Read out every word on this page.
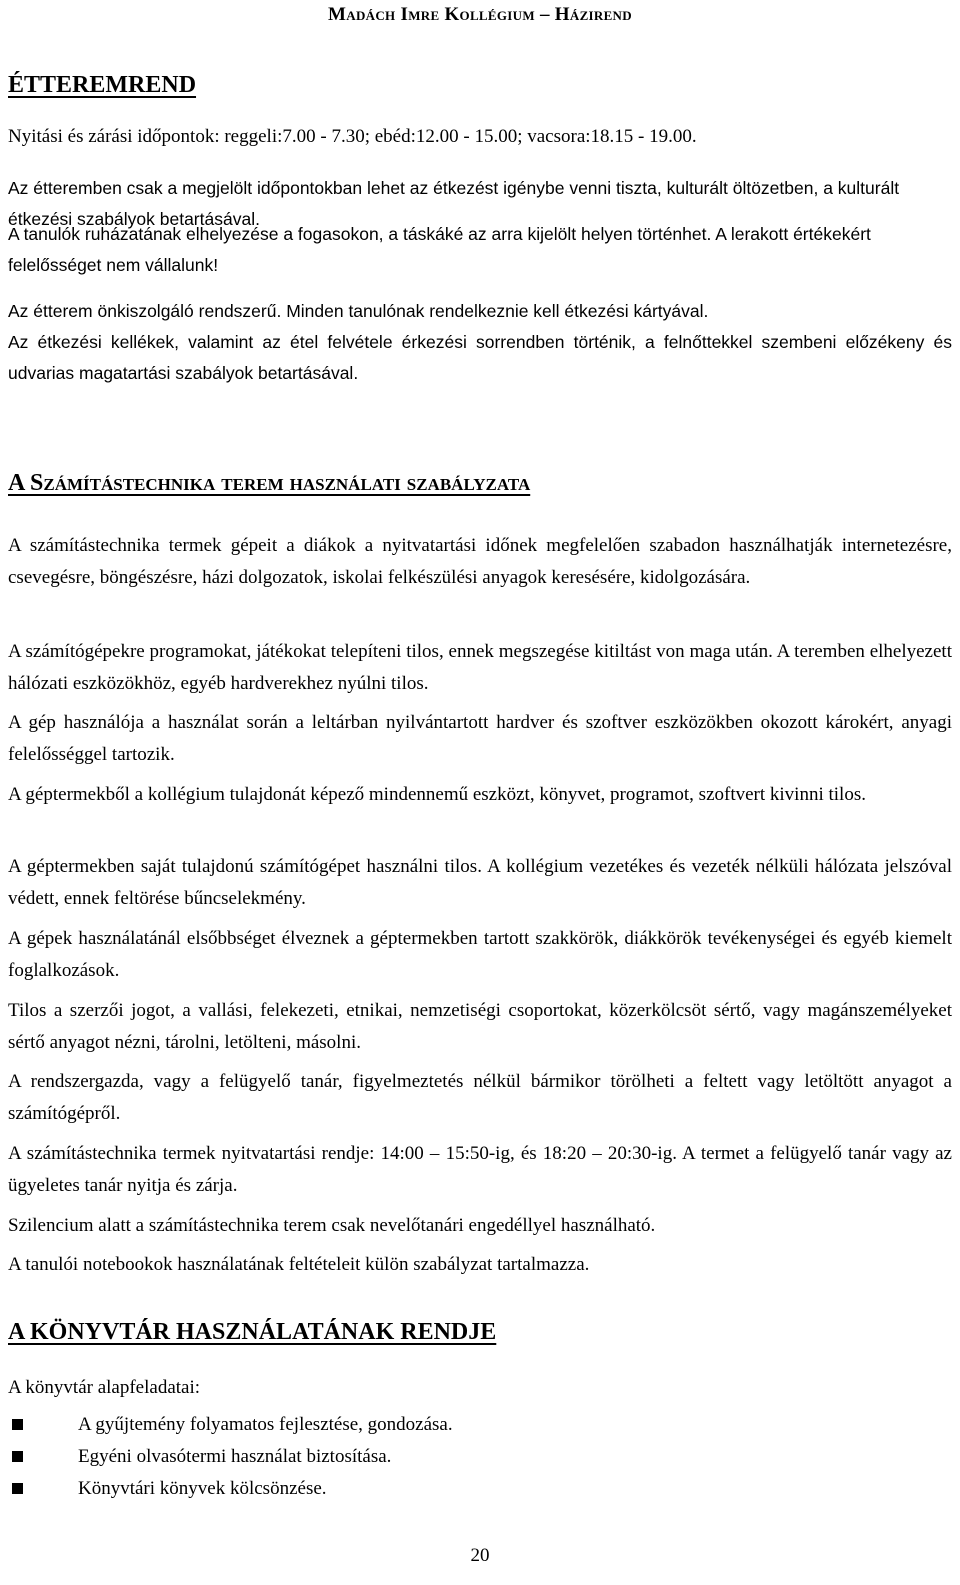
Madách Imre Kollégium – Házirend
ÉTTEREMREND

Nyitási és zárási időpontok: reggeli:7.00 - 7.30; ebéd:12.00 - 15.00; vacsora:18.15 - 19.00.

Az étteremben csak a megjelölt időpontokban lehet az étkezést igénybe venni tiszta, kulturált öltözetben, a kulturált étkezési szabályok betartásával.

A tanulók ruházatának elhelyezése a fogasokon, a táskáké az arra kijelölt helyen történhet. A lerakott értékekért felelősséget nem vállalunk!

Az étterem önkiszolgáló rendszerű. Minden tanulónak rendelkeznie kell étkezési kártyával.

Az étkezési kellékek, valamint az étel felvétele érkezési sorrendben történik, a felnőttekkel szembeni előzékeny és udvarias magatartási szabályok betartásával.

A Számítástechnika terem használati szabályzata

A számítástechnika termek gépeit a diákok a nyitvatartási időnek megfelelően szabadon használhatják internetezésre, csevegésre, böngészésre, házi dolgozatok, iskolai felkészülési anyagok keresésére, kidolgozására.

A számítógépekre programokat, játékokat telepíteni tilos, ennek megszegése kitiltást von maga után. A teremben elhelyezett hálózati eszközökhöz, egyéb hardverekhez nyúlni tilos.

A gép használója a használat során a leltárban nyilvántartott hardver és szoftver eszközökben okozott károkért, anyagi felelősséggel tartozik.

A géptermekből a kollégium tulajdonát képező mindennemű eszközt, könyvet, programot, szoftvert kivinni tilos.

A géptermekben saját tulajdonú számítógépet használni tilos. A kollégium vezetékes és vezeték nélküli hálózata jelszóval védett, ennek feltörése bűncselekmény.

A gépek használatánál elsőbbséget élveznek a géptermekben tartott szakkörök, diákkörök tevékenységei és egyéb kiemelt foglalkozások.

Tilos a szerzői jogot, a vallási, felekezeti, etnikai, nemzetiségi csoportokat, közerkölcsöt sértő, vagy magánszemélyeket sértő anyagot nézni, tárolni, letölteni, másolni.

A rendszergazda, vagy a felügyelő tanár, figyelmeztetés nélkül bármikor törölheti a feltett vagy letöltött anyagot a számítógépről.

A számítástechnika termek nyitvatartási rendje: 14:00 – 15:50-ig, és 18:20 – 20:30-ig. A termet a felügyelő tanár vagy az ügyeletes tanár nyitja és zárja.

Szilencium alatt a számítástechnika terem csak nevelőtanári engedéllyel használható.

A tanulói notebookok használatának feltételeit külön szabályzat tartalmazza.

A KÖNYVTÁR HASZNÁLATÁNAK RENDJE

A könyvtár alapfeladatai:

A gyűjtemény folyamatos fejlesztése, gondozása.
Egyéni olvasótermi használat biztosítása.
Könyvtári könyvek kölcsönzése.
20
